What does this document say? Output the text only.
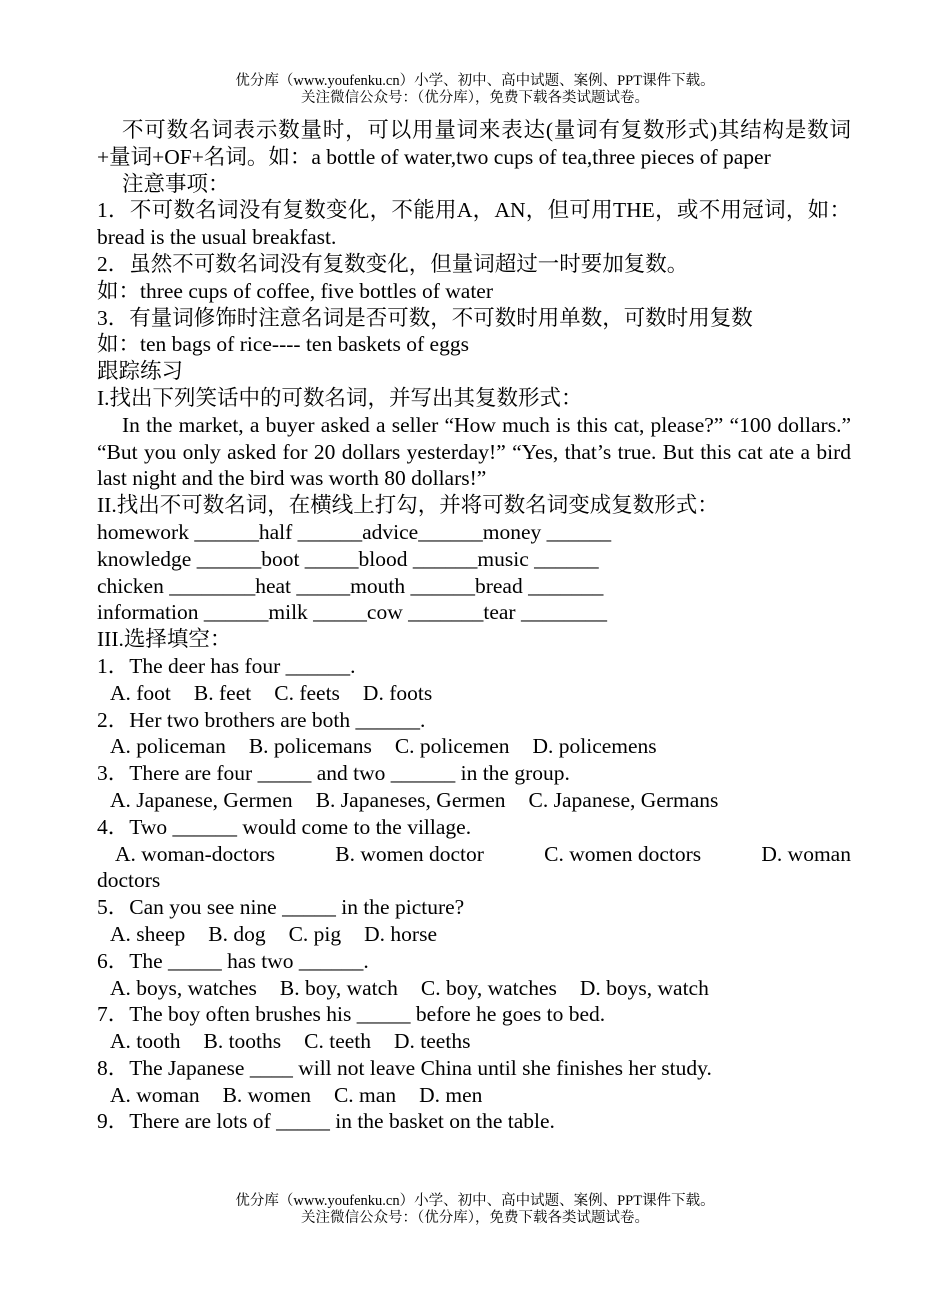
优分库（www.youfenku.cn）小学、初中、高中试题、案例、PPT课件下载。
关注微信公众号：（优分库），免费下载各类试题试卷。
不可数名词表示数量时，可以用量词来表达(量词有复数形式)其结构是数词+量词+OF+名词。如：a bottle of water,two cups of tea,three pieces of paper
注意事项：
1．不可数名词没有复数变化，不能用A，AN，但可用THE，或不用冠词，如：bread is the usual breakfast.
2．虽然不可数名词没有复数变化，但量词超过一时要加复数。
如：three cups of coffee, five bottles of water
3．有量词修饰时注意名词是否可数，不可数时用单数，可数时用复数
如：ten bags of rice---- ten baskets of eggs
跟踪练习
I.找出下列笑话中的可数名词，并写出其复数形式：
In the market, a buyer asked a seller “How much is this cat, please?” “100 dollars.” “But you only asked for 20 dollars yesterday!” “Yes, that’s true. But this cat ate a bird last night and the bird was worth 80 dollars!”
II.找出不可数名词，在横线上打勾，并将可数名词变成复数形式：
homework ______half ______advice______money ______
knowledge ______boot _____blood ______music ______
chicken ________heat _____mouth ______bread _______
information ______milk _____cow _______tear ________
III.选择填空：
1．The deer has four ______.
A. foot B. feet C. feets D. foots
2．Her two brothers are both ______.
A. policeman B. policemans C. policemen D. policemens
3．There are four _____ and two ______ in the group.
A. Japanese, Germen B. Japaneses, Germen C. Japanese, Germans
4．Two ______ would come to the village.
A. woman-doctors	B. women doctor	C. women doctors	D. woman
doctors
5．Can you see nine _____ in the picture?
A. sheep B. dog C. pig D. horse
6．The _____ has two ______.
A. boys, watches B. boy, watch C. boy, watches D. boys, watch
7．The boy often brushes his _____ before he goes to bed.
A. tooth B. tooths C. teeth D. teeths
8．The Japanese ____ will not leave China until she finishes her study.
A. woman B. women C. man D. men
9．There are lots of _____ in the basket on the table.
优分库（www.youfenku.cn）小学、初中、高中试题、案例、PPT课件下载。
关注微信公众号：（优分库），免费下载各类试题试卷。
